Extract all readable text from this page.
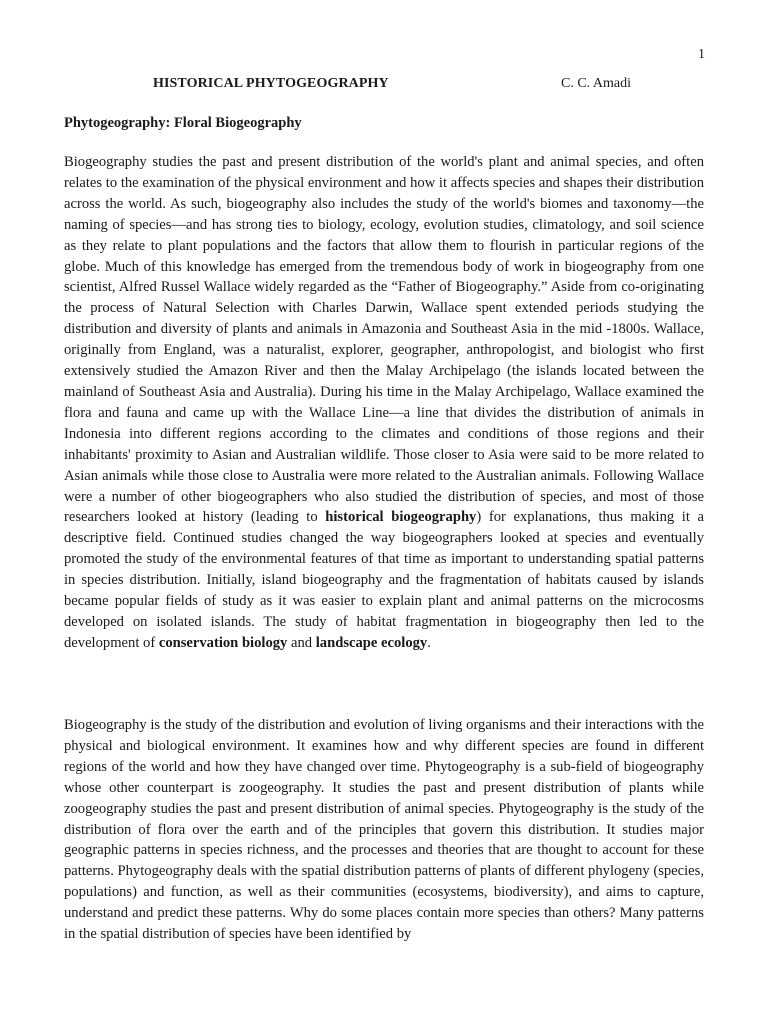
1
HISTORICAL PHYTOGEOGRAPHY	C. C. Amadi
Phytogeography: Floral Biogeography

Biogeography studies the past and present distribution of the world's plant and animal species, and often relates to the examination of the physical environment and how it affects species and shapes their distribution across the world. As such, biogeography also includes the study of the world's biomes and taxonomy—the naming of species—and has strong ties to biology, ecology, evolution studies, climatology, and soil science as they relate to plant populations and the factors that allow them to flourish in particular regions of the globe. Much of this knowledge has emerged from the tremendous body of work in biogeography from one scientist, Alfred Russel Wallace widely regarded as the “Father of Biogeography.” Aside from co-originating the process of Natural Selection with Charles Darwin, Wallace spent extended periods studying the distribution and diversity of plants and animals in Amazonia and Southeast Asia in the mid -1800s. Wallace, originally from England, was a naturalist, explorer, geographer, anthropologist, and biologist who first extensively studied the Amazon River and then the Malay Archipelago (the islands located between the mainland of Southeast Asia and Australia). During his time in the Malay Archipelago, Wallace examined the flora and fauna and came up with the Wallace Line—a line that divides the distribution of animals in Indonesia into different regions according to the climates and conditions of those regions and their inhabitants' proximity to Asian and Australian wildlife. Those closer to Asia were said to be more related to Asian animals while those close to Australia were more related to the Australian animals. Following Wallace were a number of other biogeographers who also studied the distribution of species, and most of those researchers looked at history (leading to historical biogeography) for explanations, thus making it a descriptive field. Continued studies changed the way biogeographers looked at species and eventually promoted the study of the environmental features of that time as important to understanding spatial patterns in species distribution. Initially, island biogeography and the fragmentation of habitats caused by islands became popular fields of study as it was easier to explain plant and animal patterns on the microcosms developed on isolated islands. The study of habitat fragmentation in biogeography then led to the development of conservation biology and landscape ecology.

Biogeography is the study of the distribution and evolution of living organisms and their interactions with the physical and biological environment. It examines how and why different species are found in different regions of the world and how they have changed over time. Phytogeography is a sub-field of biogeography whose other counterpart is zoogeography. It studies the past and present distribution of plants while zoogeography studies the past and present distribution of animal species. Phytogeography is the study of the distribution of flora over the earth and of the principles that govern this distribution. It studies major geographic patterns in species richness, and the processes and theories that are thought to account for these patterns. Phytogeography deals with the spatial distribution patterns of plants of different phylogeny (species, populations) and function, as well as their communities (ecosystems, biodiversity), and aims to capture, understand and predict these patterns. Why do some places contain more species than others? Many patterns in the spatial distribution of species have been identified by
